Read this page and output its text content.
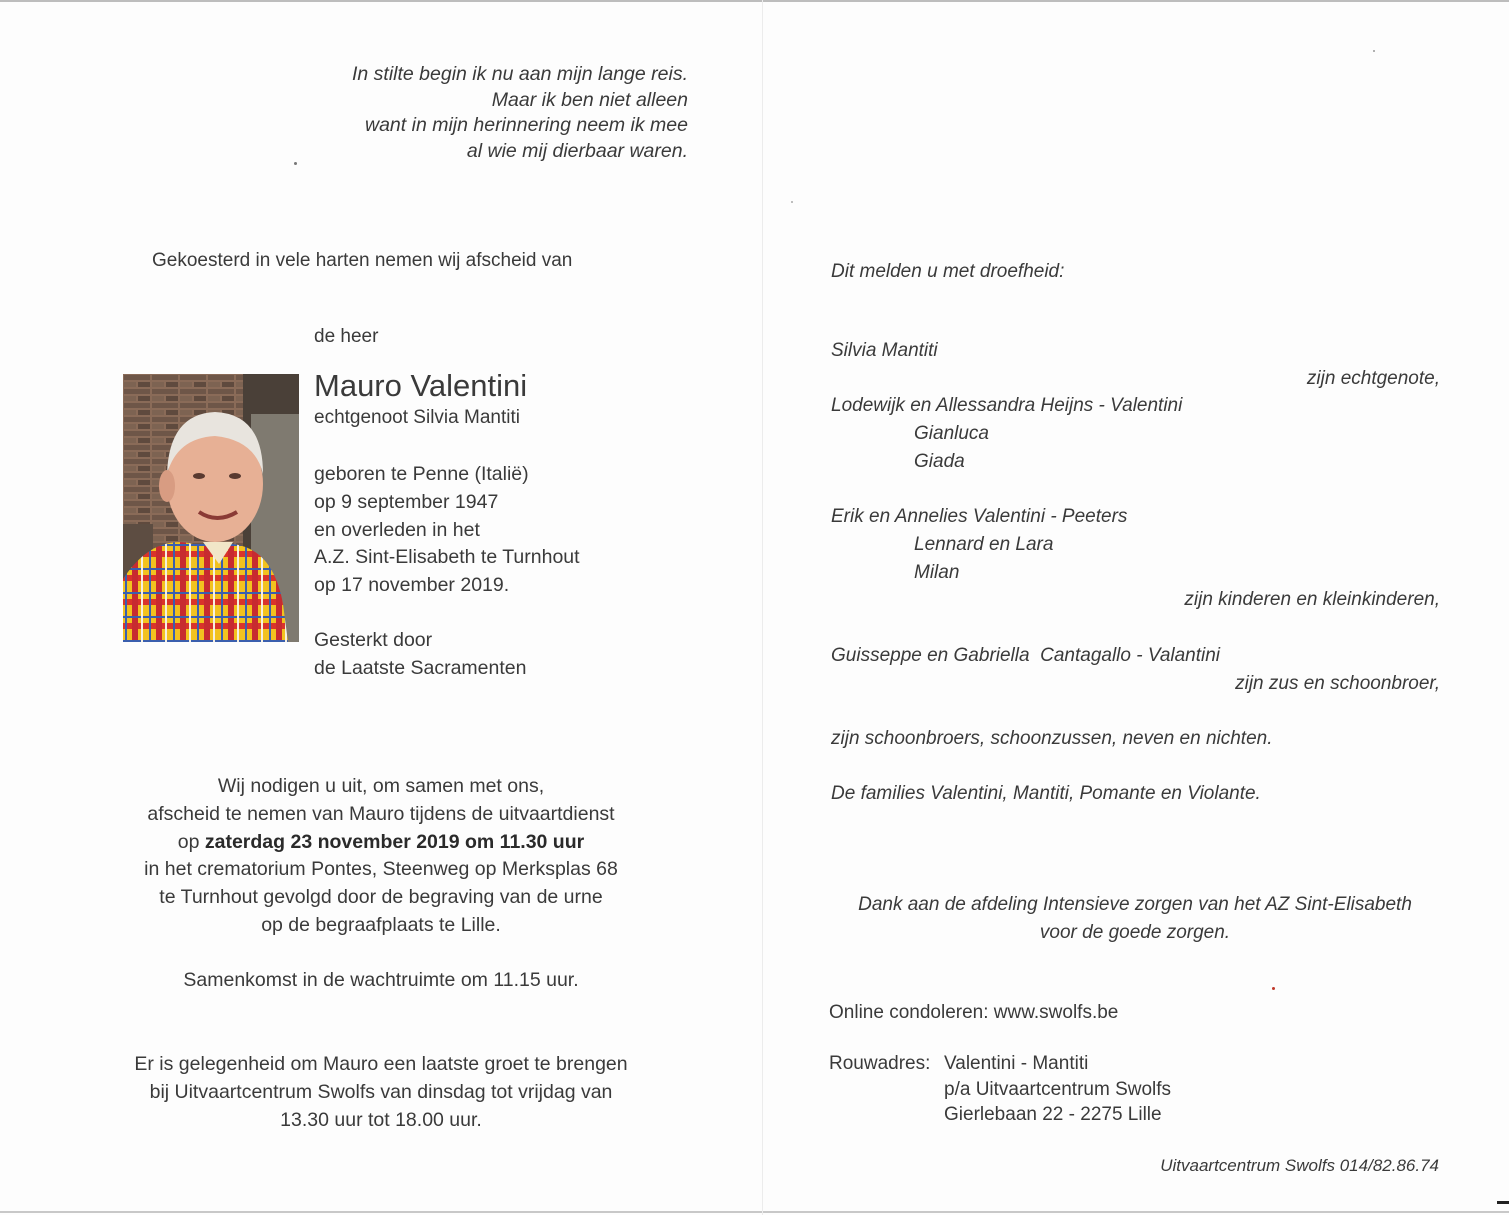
In stilte begin ik nu aan mijn lange reis.
Maar ik ben niet alleen
want in mijn herinnering neem ik mee
al wie mij dierbaar waren.
Gekoesterd in vele harten nemen wij afscheid van
de heer
Mauro Valentini
echtgenoot Silvia Mantiti
geboren te Penne (Italië)
op 9 september 1947
en overleden in het
A.Z. Sint-Elisabeth te Turnhout
op 17 november 2019.
Gesterkt door
de Laatste Sacramenten
Wij nodigen u uit, om samen met ons,
afscheid te nemen van Mauro tijdens de uitvaartdienst
op zaterdag 23 november 2019 om 11.30 uur
in het crematorium Pontes, Steenweg op Merksplas 68
te Turnhout gevolgd door de begraving van de urne
op de begraafplaats te Lille.
Samenkomst in de wachtruimte om 11.15 uur.
Er is gelegenheid om Mauro een laatste groet te brengen
bij Uitvaartcentrum Swolfs van dinsdag tot vrijdag van
13.30 uur tot 18.00 uur.
Dit melden u met droefheid:
Silvia Mantiti
zijn echtgenote,
Lodewijk en Allessandra Heijns - Valentini
Gianluca
Giada
Erik en Annelies Valentini - Peeters
Lennard en Lara
Milan
zijn kinderen en kleinkinderen,
Guisseppe en Gabriella  Cantagallo - Valantini
zijn zus en schoonbroer,
zijn schoonbroers, schoonzussen, neven en nichten.
De families Valentini, Mantiti, Pomante en Violante.
Dank aan de afdeling Intensieve zorgen van het AZ Sint-Elisabeth
voor de goede zorgen.
Online condoleren: www.swolfs.be
Rouwadres: Valentini - Mantiti
p/a Uitvaartcentrum Swolfs
Gierlebaan 22 - 2275 Lille
Uitvaartcentrum Swolfs 014/82.86.74
